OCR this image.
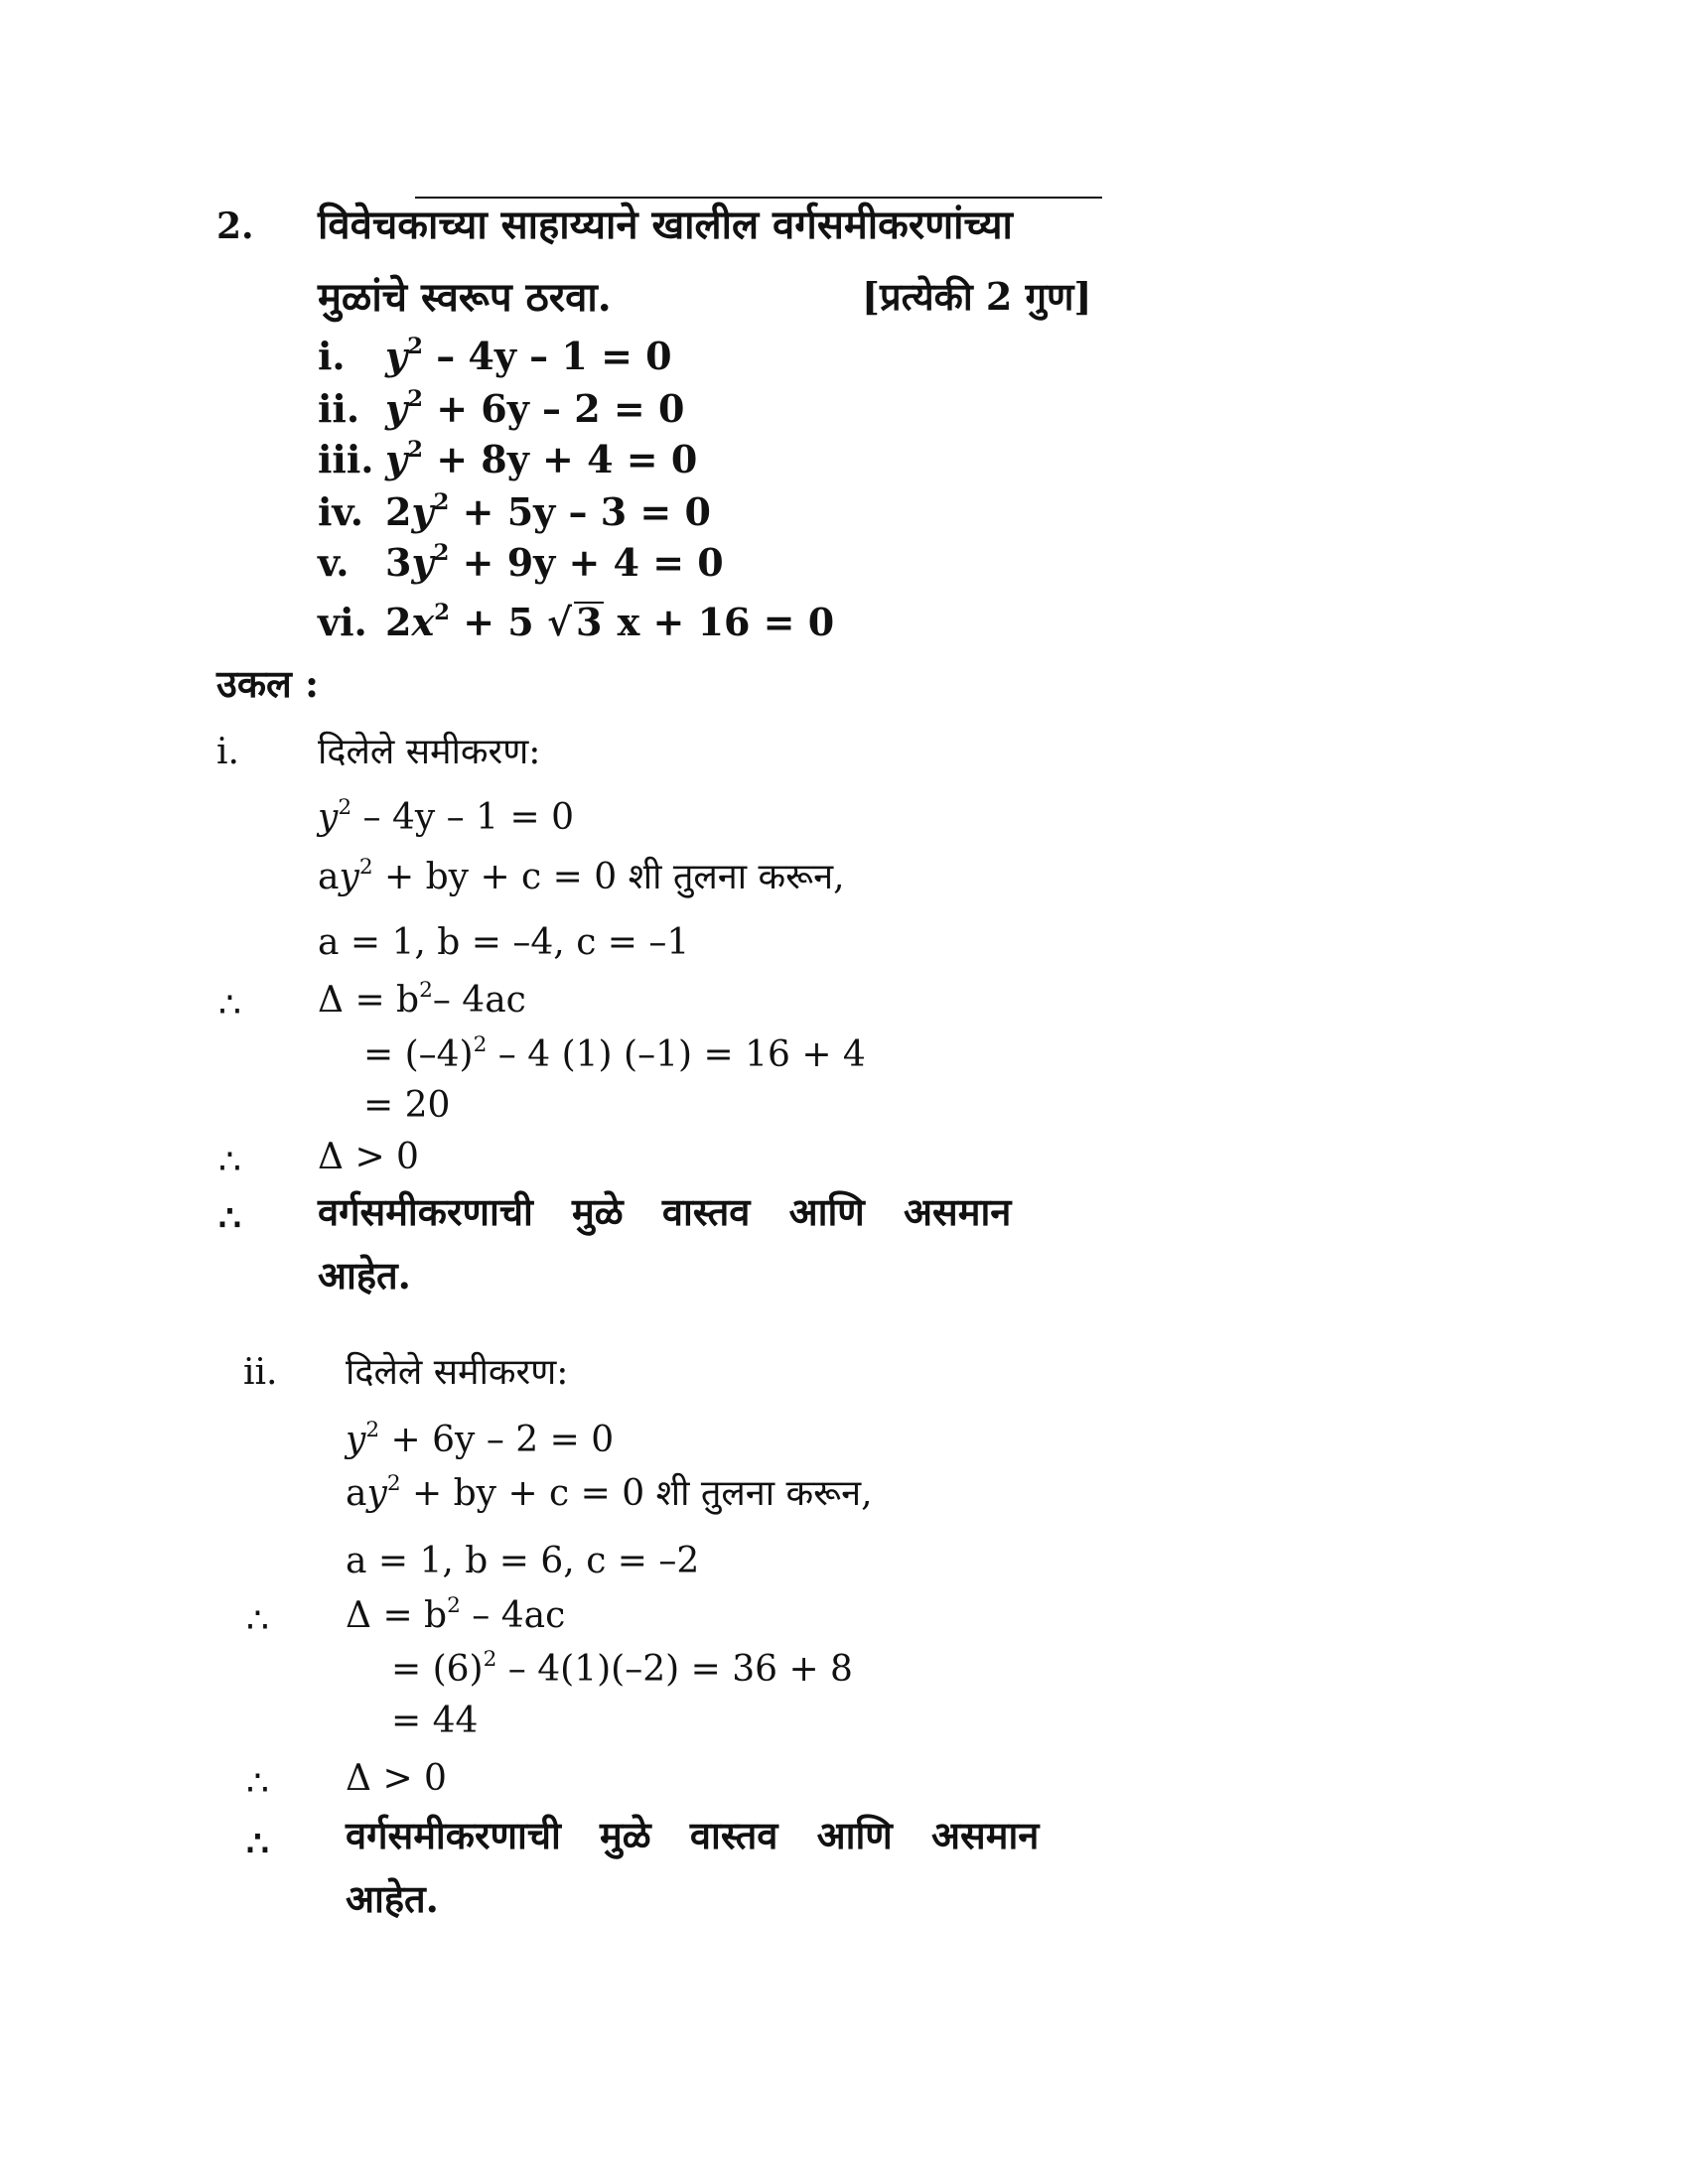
2. विवेचकाच्या साहाय्याने खालील वर्गसमीकरणांच्या
मुळांचे स्वरूप ठरवा.	[प्रत्येकी 2 गुण]
i. $y^2 - 4y - 1 = 0$
ii. $y^2 + 6y - 2 = 0$
iii. $y^2 + 8y + 4 = 0$
iv. $2y^2 + 5y - 3 = 0$
v. $3y^2 + 9y + 4 = 0$
vi. $2x^2 + 5$ √ 3 x + 16 = 0
उकल :
i. दिलेले समीकरण:
$y^2 - 4y - 1 = 0$
$ay^2$ + by + c = 0 शी तुलना करून,
a = 1, b = –4, c = –1
∴ $\Delta = b^2-$ 4ac
= $(-4)^2 - 4$ (1) (–1) = 16 + 4
= 20
∴ Δ > 0
∴ वर्गसमीकरणाची मुळे वास्तव आणि असमान
आहेत.
ii. दिलेले समीकरण:
$y^2 + 6y - 2 = 0$
$ay^2$ + by + c = 0 शी तुलना करून,
a = 1, b = 6, c = –2
∴ $\Delta = b^2 - 4ac$
= $(6)^2 - 4(1)(-2) = 36 + 8$
= 44
∴ Δ > 0
∴ वर्गसमीकरणाची मुळे वास्तव आणि असमान
आहेत.
